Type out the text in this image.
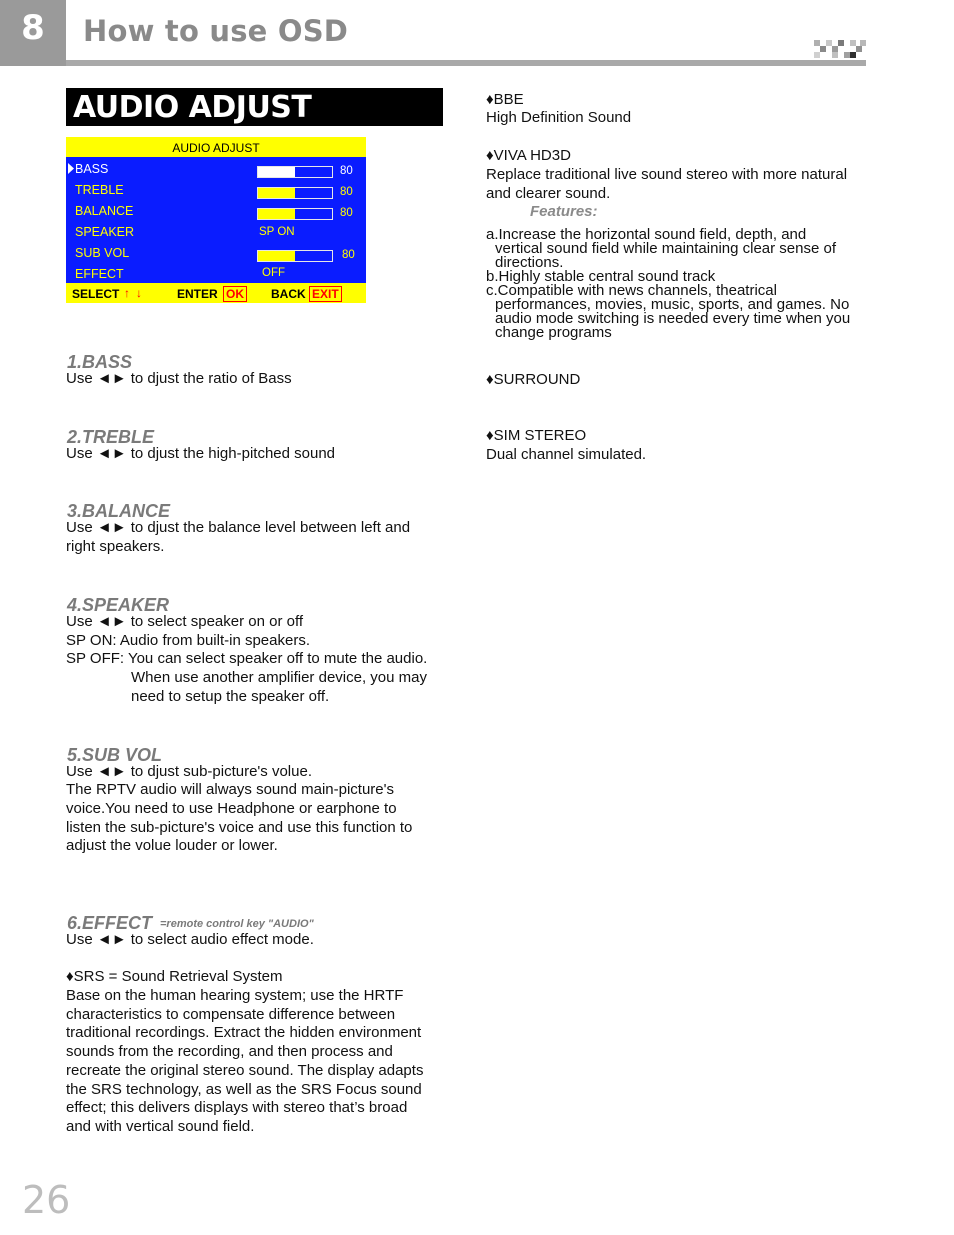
8	How to use OSD
AUDIO ADJUST
AUDIO ADJUST
BASS
TREBLE
BALANCE
SPEAKER
SUB VOL
EFFECT
80
80
80
SP ON
80
OFF
SELECT ↑ ↓	ENTER OK BACK EXIT
1.BASS
Use ◄► to djust the ratio of Bass
2.TREBLE
Use ◄► to djust the high-pitched sound
3.BALANCE
Use ◄► to djust the balance level between left and
right speakers.
4.SPEAKER
Use ◄► to select speaker on or off
SP ON: Audio from built-in speakers.
SP OFF: You can select speaker off to mute the audio.
When use another amplifier device, you may
need to setup the speaker off.
5.SUB VOL
Use ◄► to djust sub-picture's volue.
The RPTV audio will always sound main-picture's
voice.You need to use Headphone or earphone to
listen the sub-picture's voice and use this function to
adjust the volue louder or lower.
6.EFFECT =remote control key "AUDIO"
Use ◄► to select audio effect mode.
♦SRS = Sound Retrieval System
Base on the human hearing system; use the HRTF
characteristics to compensate difference between
traditional recordings. Extract the hidden environment
sounds from the recording, and then process and
recreate the original stereo sound. The display adapts
the SRS technology, as well as the SRS Focus sound
effect; this delivers displays with stereo that’s broad
and with vertical sound field.
♦BBE
High Definition Sound
♦VIVA HD3D
Replace traditional live sound stereo with more natural
and clearer sound.
Features:
a.Increase the horizontal sound field, depth, and
vertical sound field while maintaining clear sense of
directions.
b.Highly stable central sound track
c.Compatible with news channels, theatrical
performances, movies, music, sports, and games. No
audio mode switching is needed every time when you
change programs
♦SURROUND
♦SIM STEREO
Dual channel simulated.
26
